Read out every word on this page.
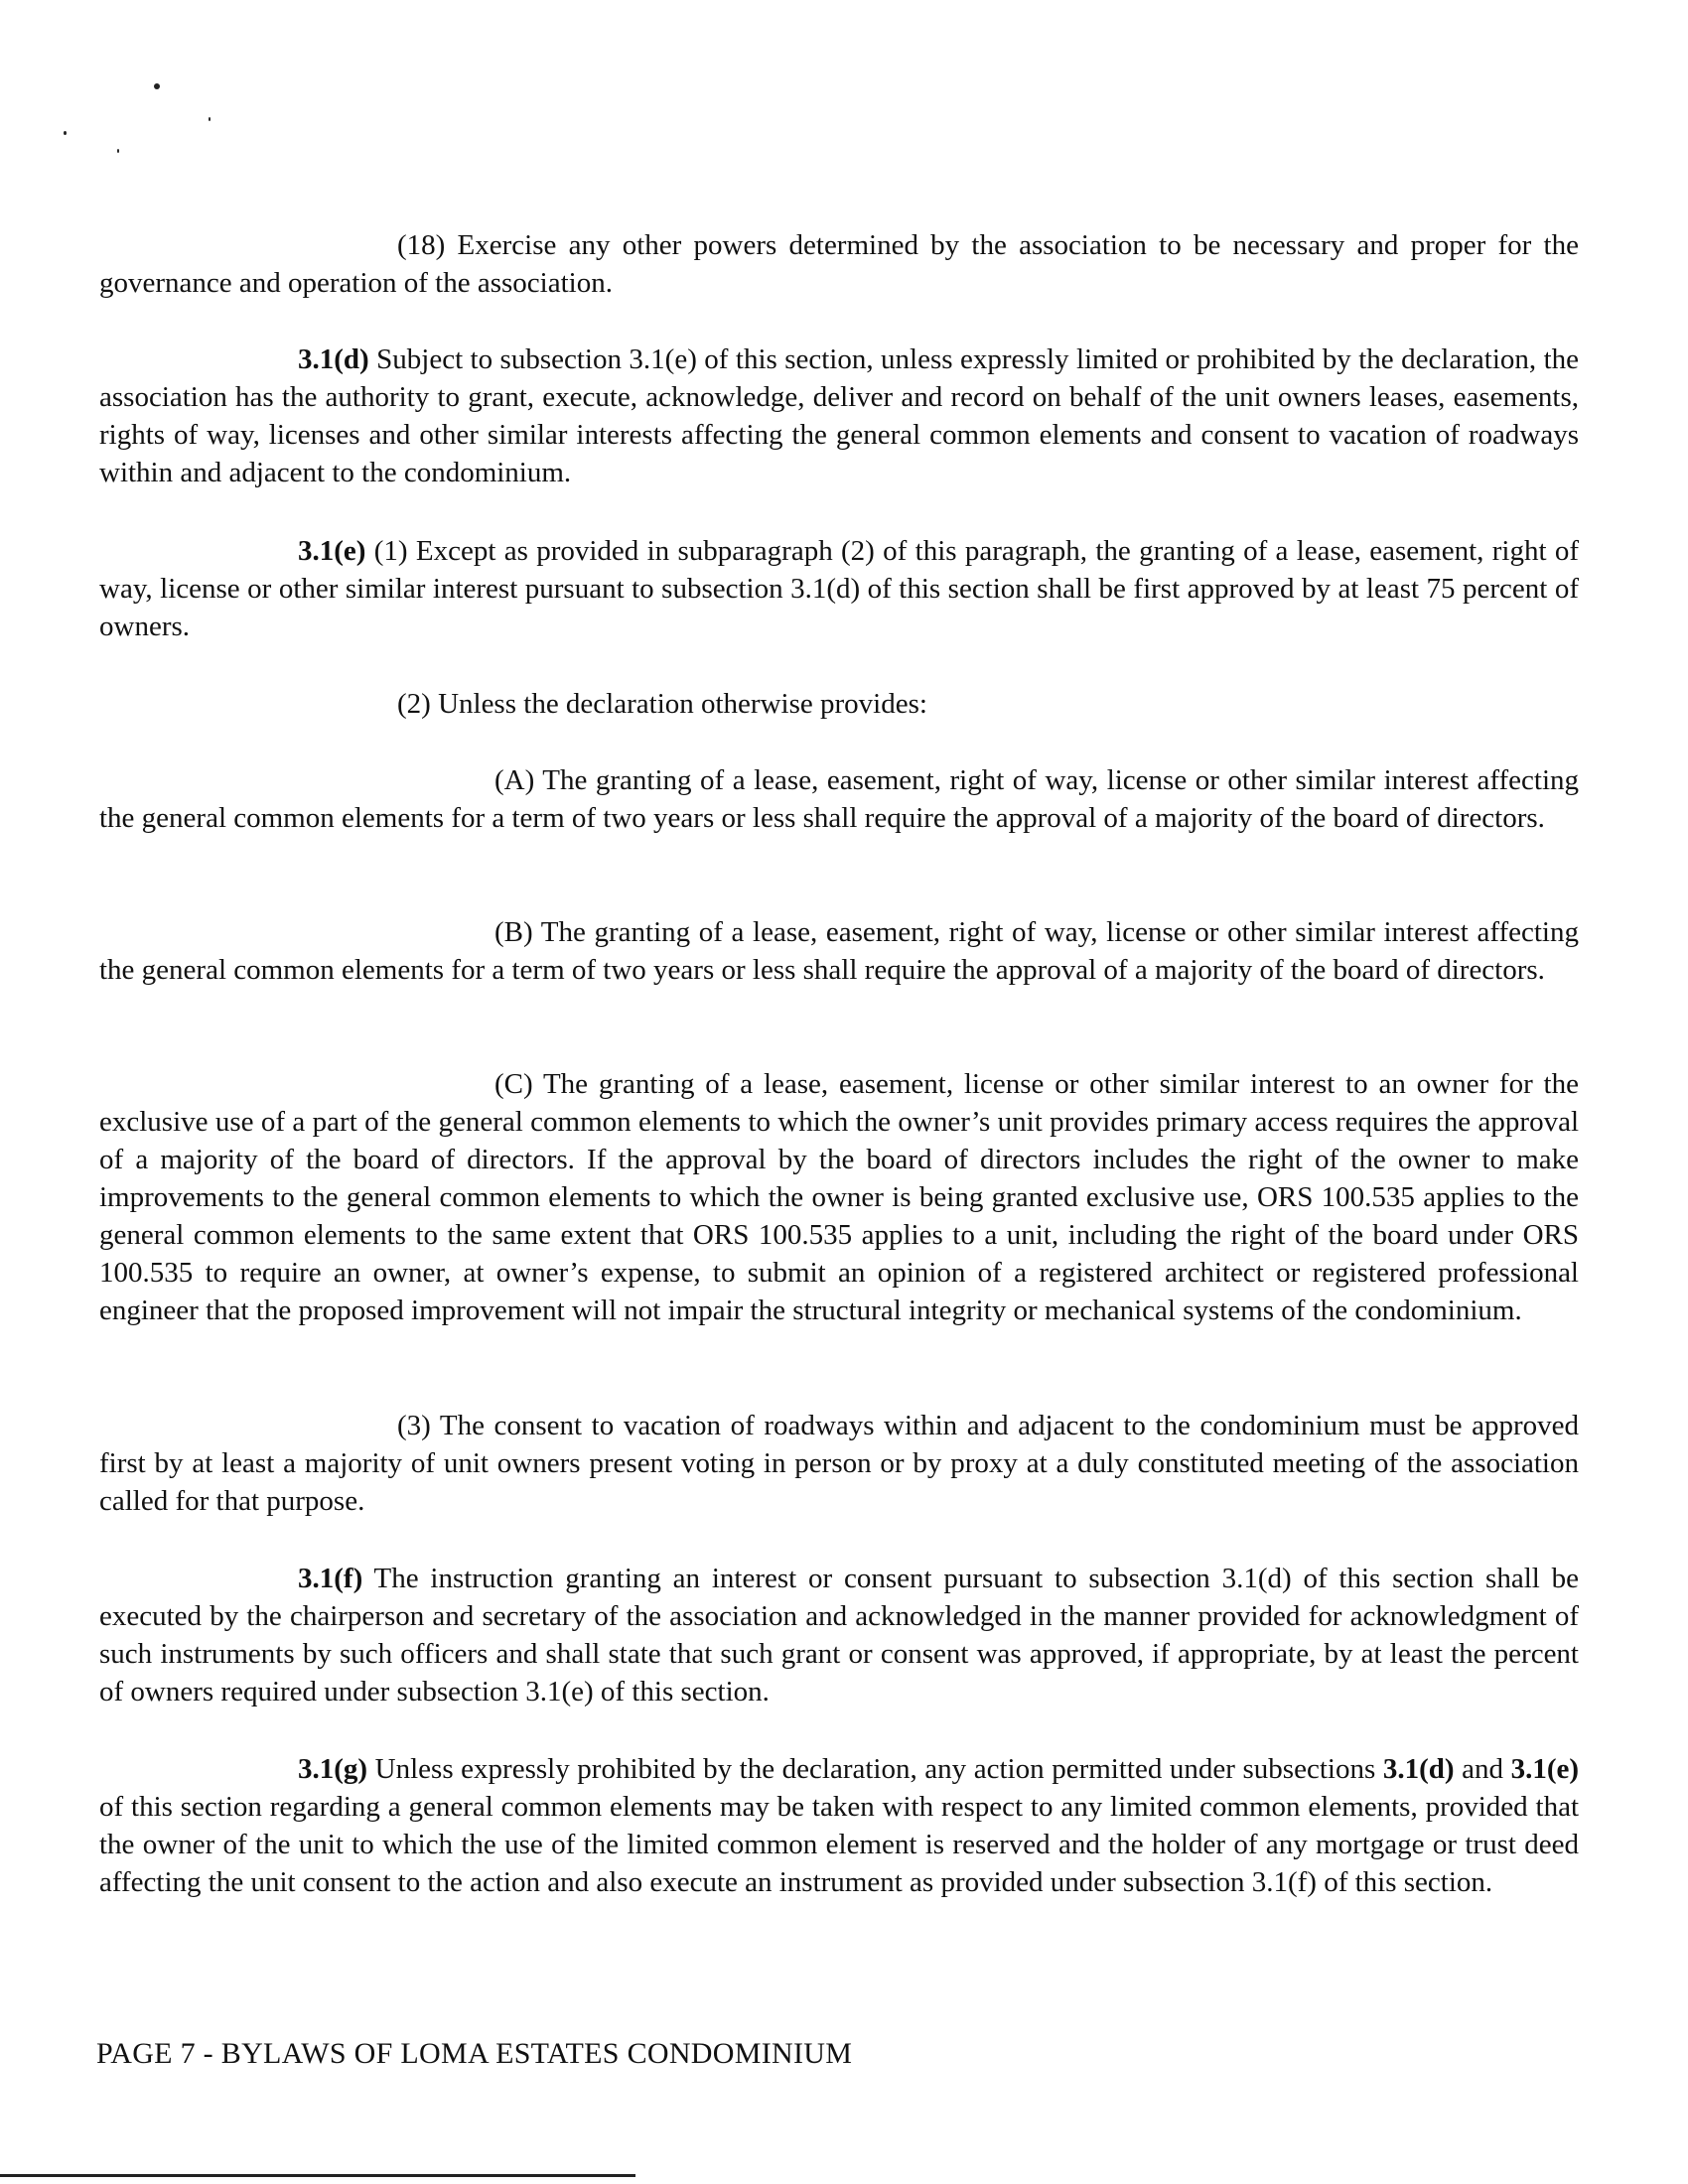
(18) Exercise any other powers determined by the association to be necessary and proper for the governance and operation of the association.

3.1(d) Subject to subsection 3.1(e) of this section, unless expressly limited or prohibited by the declaration, the association has the authority to grant, execute, acknowledge, deliver and record on behalf of the unit owners leases, easements, rights of way, licenses and other similar interests affecting the general common elements and consent to vacation of roadways within and adjacent to the condominium.

3.1(e) (1) Except as provided in subparagraph (2) of this paragraph, the granting of a lease, easement, right of way, license or other similar interest pursuant to subsection 3.1(d) of this section shall be first approved by at least 75 percent of owners.

(2) Unless the declaration otherwise provides:

(A) The granting of a lease, easement, right of way, license or other similar interest affecting the general common elements for a term of two years or less shall require the approval of a majority of the board of directors.

(B) The granting of a lease, easement, right of way, license or other similar interest affecting the general common elements for a term of two years or less shall require the approval of a majority of the board of directors.

(C) The granting of a lease, easement, license or other similar interest to an owner for the exclusive use of a part of the general common elements to which the owner’s unit provides primary access requires the approval of a majority of the board of directors. If the approval by the board of directors includes the right of the owner to make improvements to the general common elements to which the owner is being granted exclusive use, ORS 100.535 applies to the general common elements to the same extent that ORS 100.535 applies to a unit, including the right of the board under ORS 100.535 to require an owner, at owner’s expense, to submit an opinion of a registered architect or registered professional engineer that the proposed improvement will not impair the structural integrity or mechanical systems of the condominium.

(3) The consent to vacation of roadways within and adjacent to the condominium must be approved first by at least a majority of unit owners present voting in person or by proxy at a duly constituted meeting of the association called for that purpose.

3.1(f) The instruction granting an interest or consent pursuant to subsection 3.1(d) of this section shall be executed by the chairperson and secretary of the association and acknowledged in the manner provided for acknowledgment of such instruments by such officers and shall state that such grant or consent was approved, if appropriate, by at least the percent of owners required under subsection 3.1(e) of this section.

3.1(g) Unless expressly prohibited by the declaration, any action permitted under subsections 3.1(d) and 3.1(e) of this section regarding a general common elements may be taken with respect to any limited common elements, provided that the owner of the unit to which the use of the limited common element is reserved and the holder of any mortgage or trust deed affecting the unit consent to the action and also execute an instrument as provided under subsection 3.1(f) of this section.

PAGE 7 - BYLAWS OF LOMA ESTATES CONDOMINIUM
